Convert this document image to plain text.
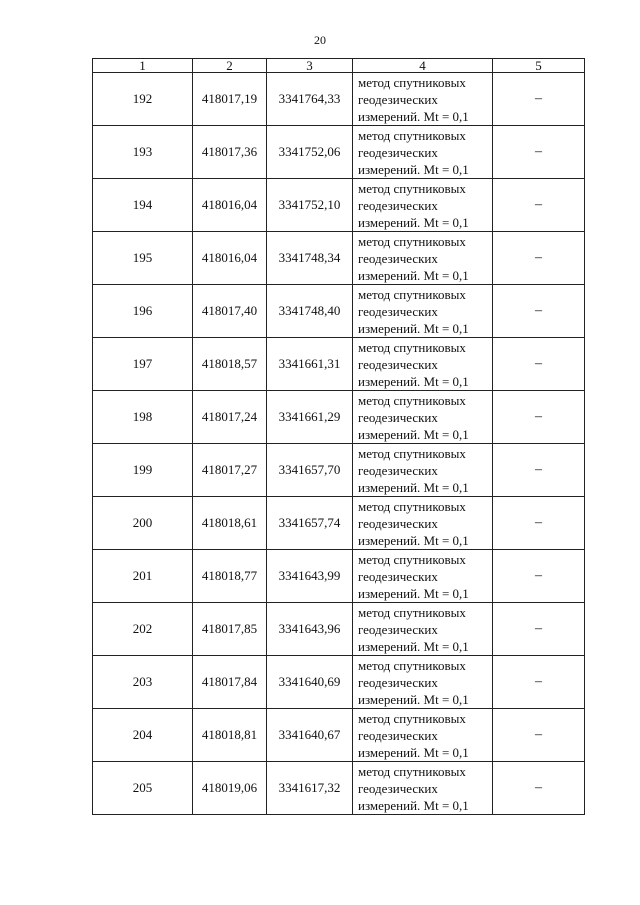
20
1	2	3	4	5
192	418017,19	3341764,33	метод спутниковых геодезических измерений. Mt = 0,1	–
193	418017,36	3341752,06	метод спутниковых геодезических измерений. Mt = 0,1	–
194	418016,04	3341752,10	метод спутниковых геодезических измерений. Mt = 0,1	–
195	418016,04	3341748,34	метод спутниковых геодезических измерений. Mt = 0,1	–
196	418017,40	3341748,40	метод спутниковых геодезических измерений. Mt = 0,1	–
197	418018,57	3341661,31	метод спутниковых геодезических измерений. Mt = 0,1	–
198	418017,24	3341661,29	метод спутниковых геодезических измерений. Mt = 0,1	–
199	418017,27	3341657,70	метод спутниковых геодезических измерений. Mt = 0,1	–
200	418018,61	3341657,74	метод спутниковых геодезических измерений. Mt = 0,1	–
201	418018,77	3341643,99	метод спутниковых геодезических измерений. Mt = 0,1	–
202	418017,85	3341643,96	метод спутниковых геодезических измерений. Mt = 0,1	–
203	418017,84	3341640,69	метод спутниковых геодезических измерений. Mt = 0,1	–
204	418018,81	3341640,67	метод спутниковых геодезических измерений. Mt = 0,1	–
205	418019,06	3341617,32	метод спутниковых геодезических измерений. Mt = 0,1	–
